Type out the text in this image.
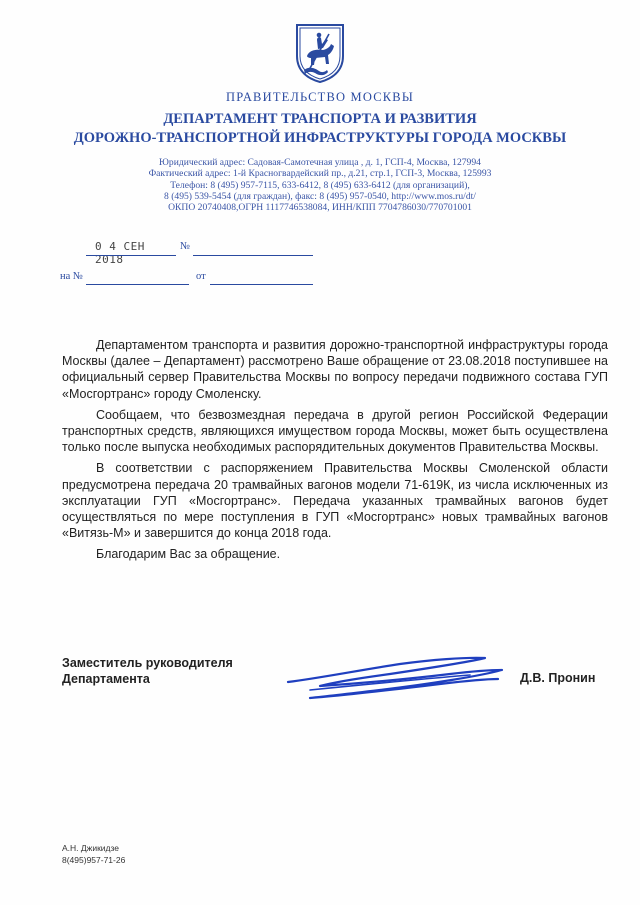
ПРАВИТЕЛЬСТВО МОСКВЫ
ДЕПАРТАМЕНТ ТРАНСПОРТА И РАЗВИТИЯ
ДОРОЖНО-ТРАНСПОРТНОЙ ИНФРАСТРУКТУРЫ ГОРОДА МОСКВЫ
Юридический адрес: Садовая-Самотечная улица , д. 1, ГСП-4, Москва, 127994
Фактический адрес: 1-й Красногвардейский пр., д.21, стр.1, ГСП-3, Москва, 125993
Телефон: 8 (495) 957-7115, 633-6412, 8 (495) 633-6412 (для организаций),
8 (495) 539-5454 (для граждан), факс: 8 (495) 957-0540, http://www.mos.ru/dt/
ОКПО 20740408,ОГРН 1117746538084, ИНН/КПП 7704786030/770701001
0 4 СЕН 2018
№
на №	от

Департаментом транспорта и развития дорожно-транспортной инфраструктуры города Москвы (далее – Департамент) рассмотрено Ваше обращение от 23.08.2018 поступившее на официальный сервер Правительства Москвы по вопросу передачи подвижного состава ГУП «Мосгортранс» городу Смоленску.

Сообщаем, что безвозмездная передача в другой регион Российской Федерации транспортных средств, являющихся имуществом города Москвы, может быть осуществлена только после выпуска необходимых распорядительных документов Правительства Москвы.

В соответствии с распоряжением Правительства Москвы Смоленской области предусмотрена передача 20 трамвайных вагонов модели 71-619К, из числа исключенных из эксплуатации ГУП «Мосгортранс». Передача указанных трамвайных вагонов будет осуществляться по мере поступления в ГУП «Мосгортранс» новых трамвайных вагонов «Витязь-М» и завершится до конца 2018 года.

Благодарим Вас за обращение.

Заместитель руководителя
Департамента	Д.В. Пронин
А.Н. Джикидзе
8(495)957-71-26
